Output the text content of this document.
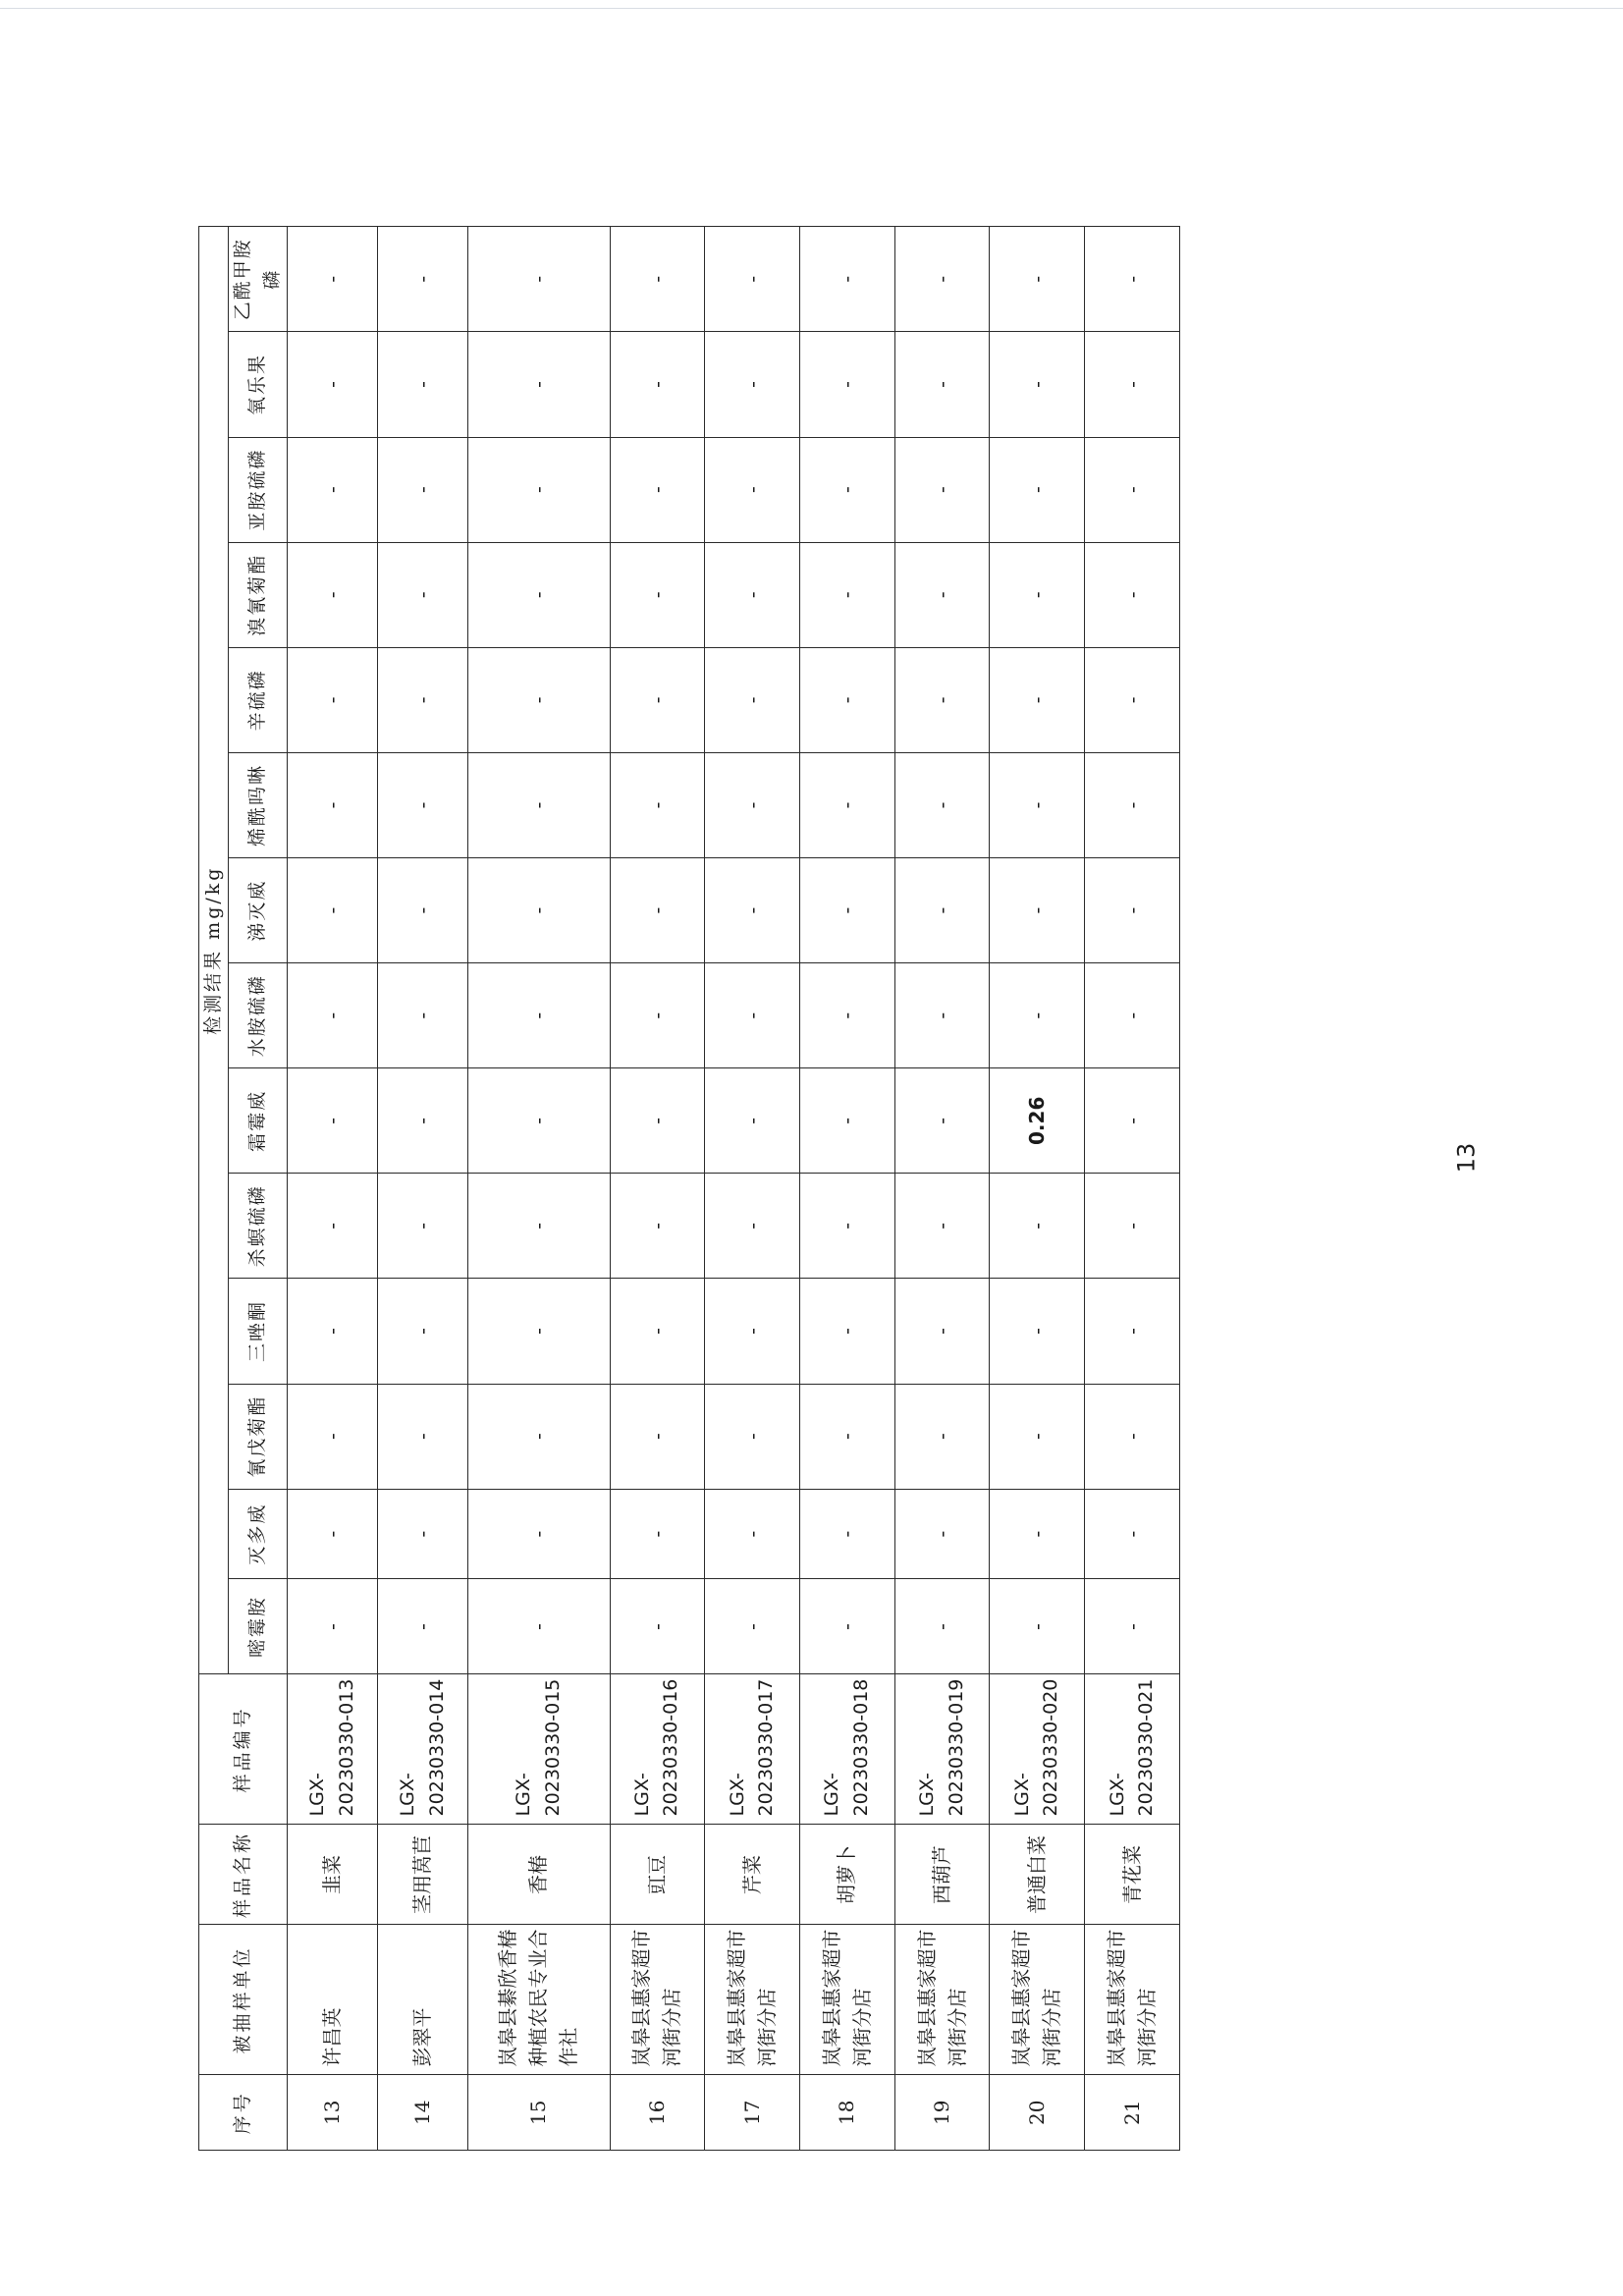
序号	被抽样单位	样品名称	样品编号	检测结果 mg/kg													
				嘧霉胺	灭多威	氰戊菊酯	三唑酮	杀螟硫磷	霜霉威	水胺硫磷	涕灭威	烯酰吗啉	辛硫磷	溴氰菊酯	亚胺硫磷	氧乐果	乙酰甲胺磷
13	许昌英	韭菜	LGX-20230330-013	-	-	-	-	-	-	-	-	-	-	-	-	-	-
14	彭翠平	茎用莴苣	LGX-20230330-014	-	-	-	-	-	-	-	-	-	-	-	-	-	-
15	岚皋县綦欣香椿种植农民专业合作社	香椿	LGX-20230330-015	-	-	-	-	-	-	-	-	-	-	-	-	-	-
16	岚皋县惠家超市河街分店	豇豆	LGX-20230330-016	-	-	-	-	-	-	-	-	-	-	-	-	-	-
17	岚皋县惠家超市河街分店	芹菜	LGX-20230330-017	-	-	-	-	-	-	-	-	-	-	-	-	-	-
18	岚皋县惠家超市河街分店	胡萝卜	LGX-20230330-018	-	-	-	-	-	-	-	-	-	-	-	-	-	-
19	岚皋县惠家超市河街分店	西葫芦	LGX-20230330-019	-	-	-	-	-	-	-	-	-	-	-	-	-	-
20	岚皋县惠家超市河街分店	普通白菜	LGX-20230330-020	-	-	-	-	-	0.26	-	-	-	-	-	-	-	-
21	岚皋县惠家超市河街分店	青花菜	LGX-20230330-021	-	-	-	-	-	-	-	-	-	-	-	-	-	-
13
